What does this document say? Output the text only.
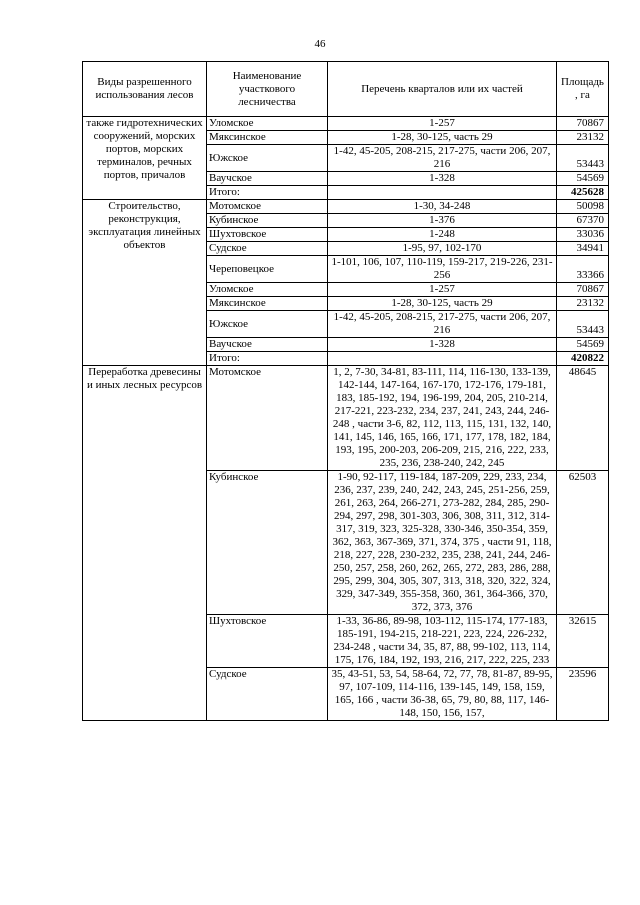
46
Виды разрешенного использования лесов	Наименование участкового лесничества	Перечень кварталов или их частей	Площадь , га
также гидротехнических сооружений, морских портов, морских терминалов, речных портов, причалов	Уломское	1-257	70867
	Мяксинское	1-28, 30-125, часть 29	23132
	Южское	1-42, 45-205, 208-215, 217-275, части 206, 207, 216	53443
	Ваучское	1-328	54569
	Итого:		425628
Строительство, реконструкция, эксплуатация линейных объектов	Мотомское	1-30, 34-248	50098
	Кубинское	1-376	67370
	Шухтовское	1-248	33036
	Судское	1-95, 97, 102-170	34941
	Череповецкое	1-101, 106, 107, 110-119, 159-217, 219-226, 231-256	33366
	Уломское	1-257	70867
	Мяксинское	1-28, 30-125, часть 29	23132
	Южское	1-42, 45-205, 208-215, 217-275, части 206, 207, 216	53443
	Ваучское	1-328	54569
	Итого:		420822
Переработка древесины и иных лесных ресурсов	Мотомское	1, 2, 7-30, 34-81, 83-111, 114, 116-130, 133-139, 142-144, 147-164, 167-170, 172-176, 179-181, 183, 185-192, 194, 196-199, 204, 205, 210-214, 217-221, 223-232, 234, 237, 241, 243, 244, 246-248 , части 3-6, 82, 112, 113, 115, 131, 132, 140, 141, 145, 146, 165, 166, 171, 177, 178, 182, 184, 193, 195, 200-203, 206-209, 215, 216, 222, 233, 235, 236, 238-240, 242, 245	48645
	Кубинское	1-90, 92-117, 119-184, 187-209, 229, 233, 234, 236, 237, 239, 240, 242, 243, 245, 251-256, 259, 261, 263, 264, 266-271, 273-282, 284, 285, 290-294, 297, 298, 301-303, 306, 308, 311, 312, 314-317, 319, 323, 325-328, 330-346, 350-354, 359, 362, 363, 367-369, 371, 374, 375 , части 91, 118, 218, 227, 228, 230-232, 235, 238, 241, 244, 246-250, 257, 258, 260, 262, 265, 272, 283, 286, 288, 295, 299, 304, 305, 307, 313, 318, 320, 322, 324, 329, 347-349, 355-358, 360, 361, 364-366, 370, 372, 373, 376	62503
	Шухтовское	1-33, 36-86, 89-98, 103-112, 115-174, 177-183, 185-191, 194-215, 218-221, 223, 224, 226-232, 234-248 , части 34, 35, 87, 88, 99-102, 113, 114, 175, 176, 184, 192, 193, 216, 217, 222, 225, 233	32615
	Судское	35, 43-51, 53, 54, 58-64, 72, 77, 78, 81-87, 89-95, 97, 107-109, 114-116, 139-145, 149, 158, 159, 165, 166 , части 36-38, 65, 79, 80, 88, 117, 146-148, 150, 156, 157,	23596
